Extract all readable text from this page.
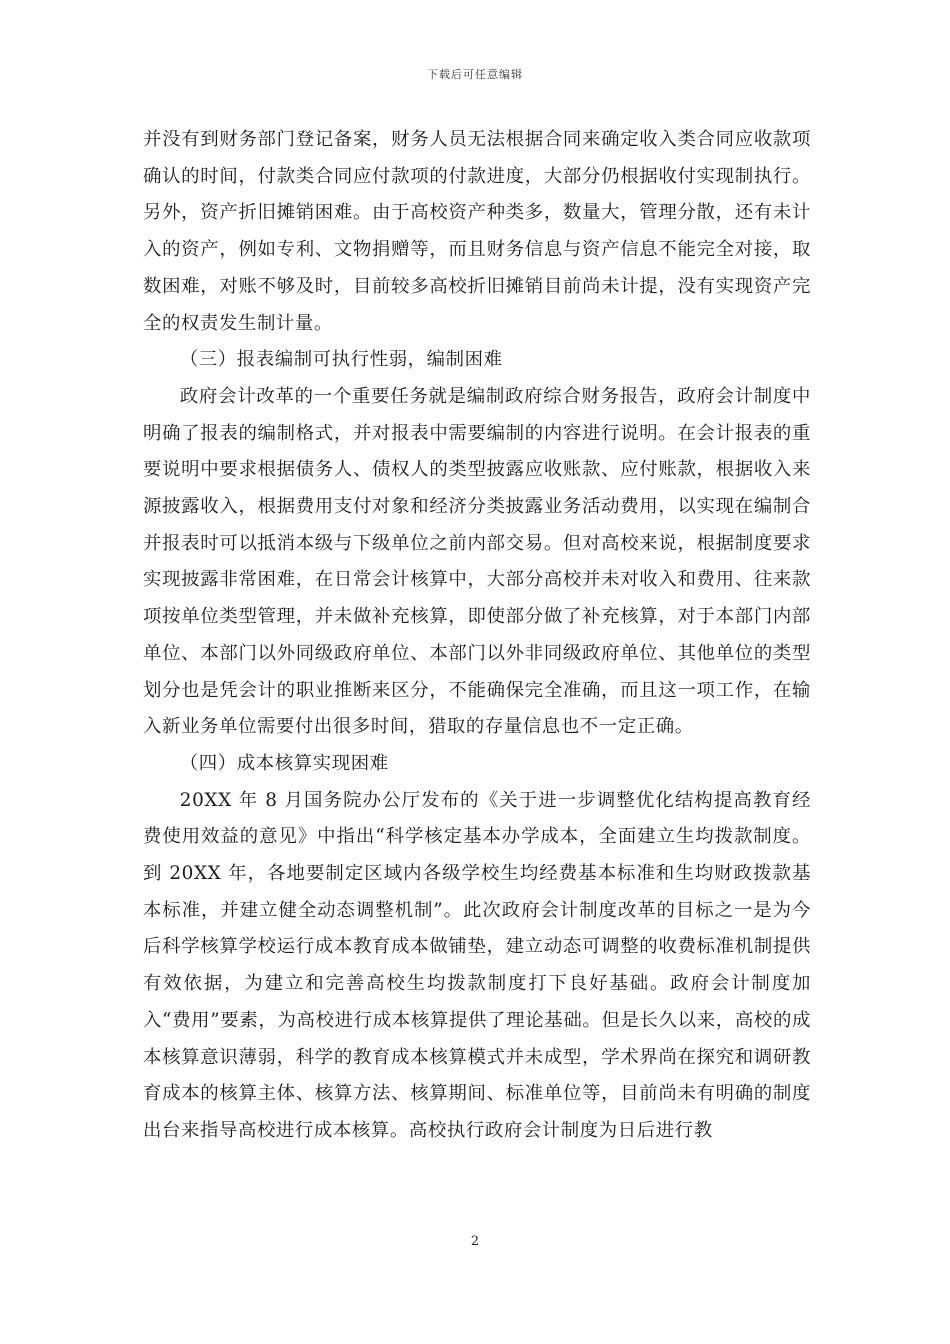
下载后可任意编辑

并没有到财务部门登记备案，财务人员无法根据合同来确定收入类合同应收款项确认的时间，付款类合同应付款项的付款进度，大部分仍根据收付实现制执行。另外，资产折旧摊销困难。由于高校资产种类多，数量大，管理分散，还有未计入的资产，例如专利、文物捐赠等，而且财务信息与资产信息不能完全对接，取数困难，对账不够及时，目前较多高校折旧摊销目前尚未计提，没有实现资产完全的权责发生制计量。

（三）报表编制可执行性弱，编制困难

政府会计改革的一个重要任务就是编制政府综合财务报告，政府会计制度中明确了报表的编制格式，并对报表中需要编制的内容进行说明。在会计报表的重要说明中要求根据债务人、债权人的类型披露应收账款、应付账款，根据收入来源披露收入，根据费用支付对象和经济分类披露业务活动费用，以实现在编制合并报表时可以抵消本级与下级单位之前内部交易。但对高校来说，根据制度要求实现披露非常困难，在日常会计核算中，大部分高校并未对收入和费用、往来款项按单位类型管理，并未做补充核算，即使部分做了补充核算，对于本部门内部单位、本部门以外同级政府单位、本部门以外非同级政府单位、其他单位的类型划分也是凭会计的职业推断来区分，不能确保完全准确，而且这一项工作，在输入新业务单位需要付出很多时间，猎取的存量信息也不一定正确。

（四）成本核算实现困难

20XX 年 8 月国务院办公厅发布的《关于进一步调整优化结构提高教育经费使用效益的意见》中指出“科学核定基本办学成本，全面建立生均拨款制度。到 20XX 年，各地要制定区域内各级学校生均经费基本标准和生均财政拨款基本标准，并建立健全动态调整机制”。此次政府会计制度改革的目标之一是为今后科学核算学校运行成本教育成本做铺垫，建立动态可调整的收费标准机制提供有效依据，为建立和完善高校生均拨款制度打下良好基础。政府会计制度加入“费用”要素，为高校进行成本核算提供了理论基础。但是长久以来，高校的成本核算意识薄弱，科学的教育成本核算模式并未成型，学术界尚在探究和调研教育成本的核算主体、核算方法、核算期间、标准单位等，目前尚未有明确的制度出台来指导高校进行成本核算。高校执行政府会计制度为日后进行教

2
